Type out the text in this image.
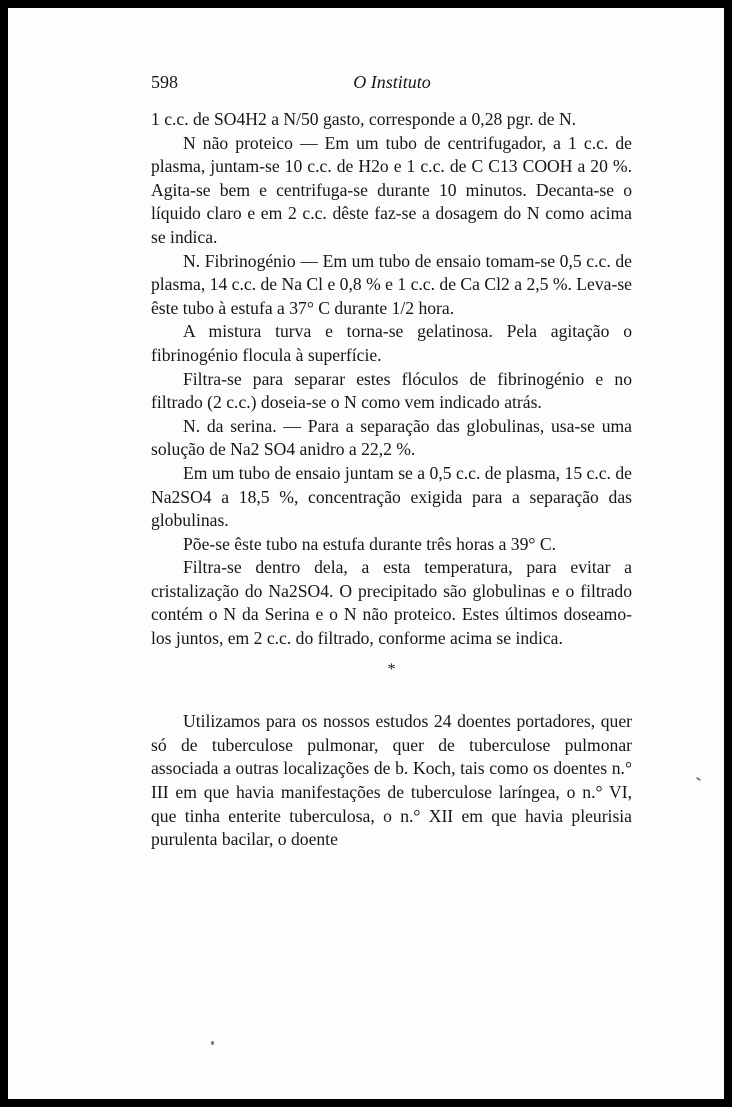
598	O Instituto

1 c.c. de SO4H2 a N/50 gasto, corresponde a 0,28 pgr. de N.

N não proteico — Em um tubo de centrifugador, a 1 c.c. de plasma, juntam-se 10 c.c. de H2o e 1 c.c. de C C13 COOH a 20 %. Agita-se bem e centrifuga-se durante 10 minutos. Decanta-se o líquido claro e em 2 c.c. dêste faz-se a dosagem do N como acima se indica.

N. Fibrinogénio — Em um tubo de ensaio tomam-se 0,5 c.c. de plasma, 14 c.c. de Na Cl e 0,8 % e 1 c.c. de Ca Cl2 a 2,5 %. Leva-se êste tubo à estufa a 37° C durante 1/2 hora.

A mistura turva e torna-se gelatinosa. Pela agitação o fibrinogénio flocula à superfície.

Filtra-se para separar estes flóculos de fibrinogénio e no filtrado (2 c.c.) doseia-se o N como vem indicado atrás.

N. da serina. — Para a separação das globulinas, usa-se uma solução de Na2 SO4 anidro a 22,2 %.

Em um tubo de ensaio juntam se a 0,5 c.c. de plasma, 15 c.c. de Na2SO4 a 18,5 %, concentração exigida para a separação das globulinas.

Põe-se êste tubo na estufa durante três horas a 39° C.

Filtra-se dentro dela, a esta temperatura, para evitar a cristalização do Na2SO4. O precipitado são globulinas e o filtrado contém o N da Serina e o N não proteico. Estes últimos doseamo-los juntos, em 2 c.c. do filtrado, conforme acima se indica.

*

Utilizamos para os nossos estudos 24 doentes portadores, quer só de tuberculose pulmonar, quer de tuberculose pulmonar associada a outras localizações de b. Koch, tais como os doentes n.° III em que havia manifestações de tuberculose laríngea, o n.° VI, que tinha enterite tuberculosa, o n.° XII em que havia pleurisia purulenta bacilar, o doente
